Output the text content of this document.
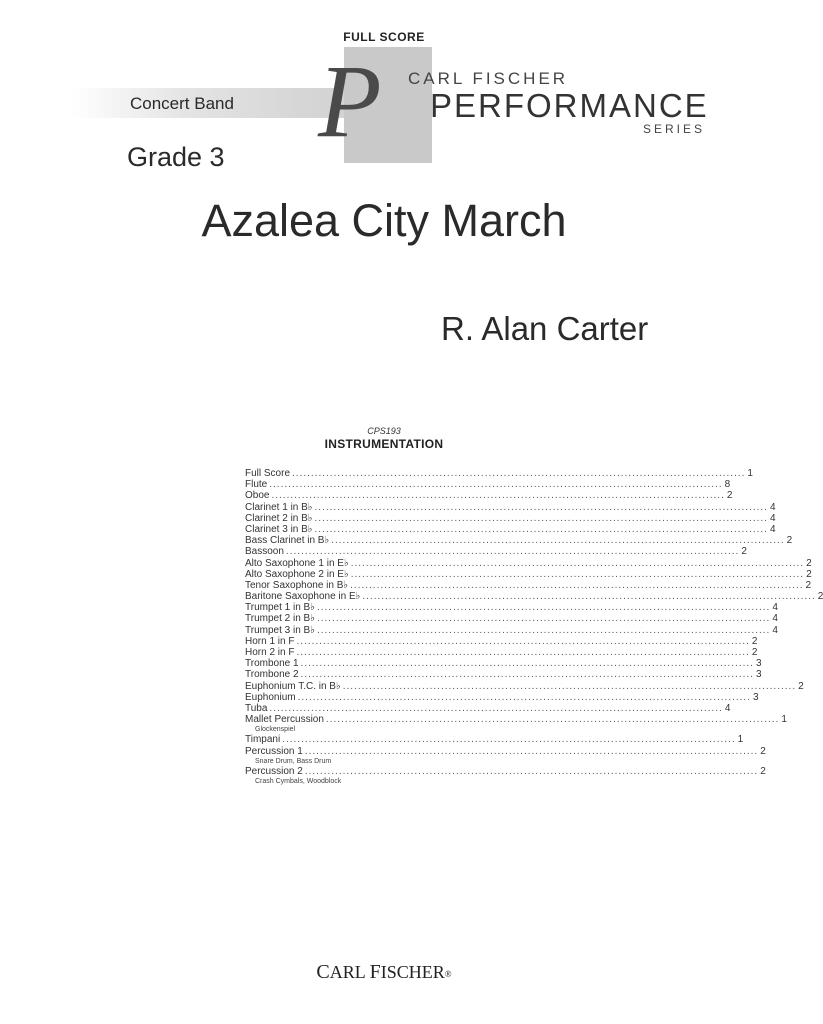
FULL SCORE
Concert Band P CARL FISCHER
PERFORMANCE
SERIES
Grade 3
Azalea City March
R. Alan Carter
CPS193
INSTRUMENTATION
Full Score ........................................................................................................................ 1
Flute ........................................................................................................................ 8
Oboe ........................................................................................................................ 2
Clarinet 1 in B♭ ........................................................................................................................ 4
Clarinet 2 in B♭ ........................................................................................................................ 4
Clarinet 3 in B♭ ........................................................................................................................ 4
Bass Clarinet in B♭ ........................................................................................................................ 2
Bassoon ........................................................................................................................ 2
Alto Saxophone 1 in E♭ ........................................................................................................................ 2
Alto Saxophone 2 in E♭ ........................................................................................................................ 2
Tenor Saxophone in B♭ ........................................................................................................................ 2
Baritone Saxophone in E♭ ........................................................................................................................ 2
Trumpet 1 in B♭ ........................................................................................................................ 4
Trumpet 2 in B♭ ........................................................................................................................ 4
Trumpet 3 in B♭ ........................................................................................................................ 4
Horn 1 in F ........................................................................................................................ 2
Horn 2 in F ........................................................................................................................ 2
Trombone 1 ........................................................................................................................ 3
Trombone 2 ........................................................................................................................ 3
Euphonium T.C. in B♭ ........................................................................................................................ 2
Euphonium ........................................................................................................................ 3
Tuba ........................................................................................................................ 4
Mallet Percussion ........................................................................................................................ 1
Glockenspiel
Timpani ........................................................................................................................ 1
Percussion 1 ........................................................................................................................ 2
Snare Drum, Bass Drum
Percussion 2 ........................................................................................................................ 2
Crash Cymbals, Woodblock
CARL FISCHER®
